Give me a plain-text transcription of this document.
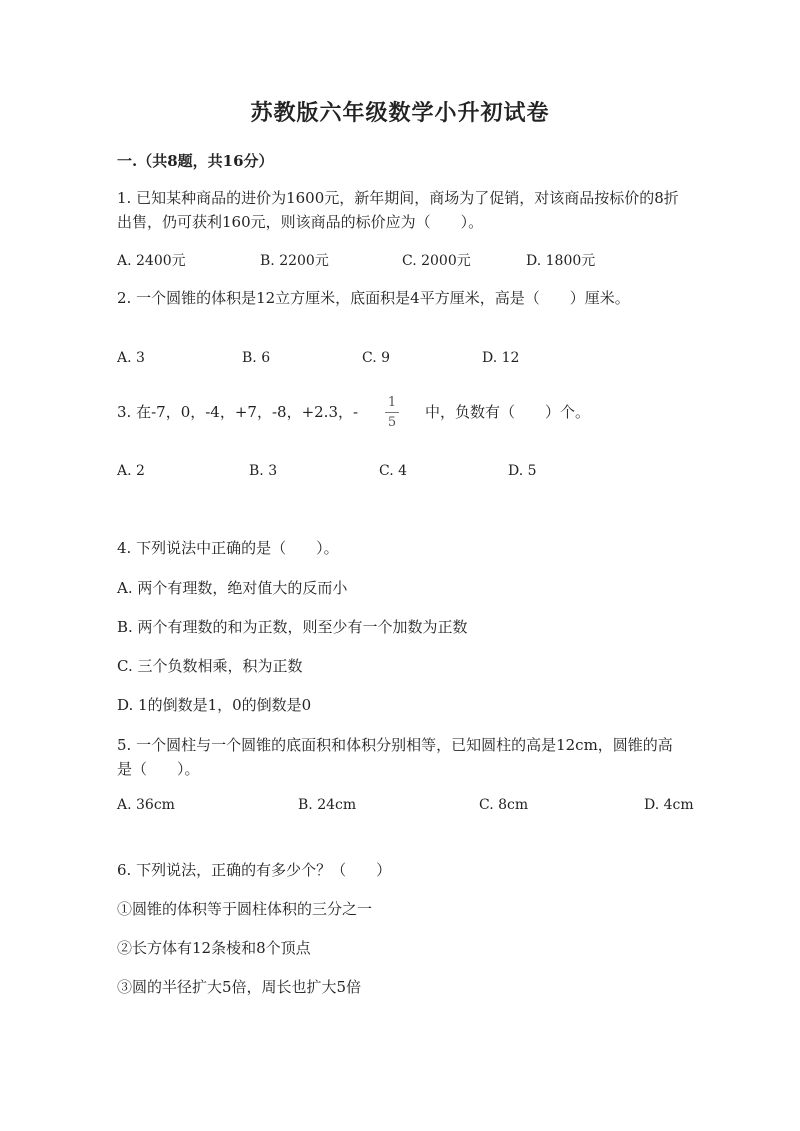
苏教版六年级数学小升初试卷
一.（共8题，共16分）
1. 已知某种商品的进价为1600元，新年期间，商场为了促销，对该商品按标价的8折出售，仍可获利160元，则该商品的标价应为（　　）。
A. 2400元	B. 2200元	C. 2000元	D. 1800元
2. 一个圆锥的体积是12立方厘米，底面积是4平方厘米，高是（　　）厘米。
A. 3	B. 6	C. 9	D. 12
3. 在-7，0，-4，+7，-8，+2.3，-
1
5
中，负数有（　　）个。
A. 2	B. 3	C. 4	D. 5
4. 下列说法中正确的是（　　）。
A. 两个有理数，绝对值大的反而小
B. 两个有理数的和为正数，则至少有一个加数为正数
C. 三个负数相乘，积为正数
D. 1的倒数是1，0的倒数是0
5. 一个圆柱与一个圆锥的底面积和体积分别相等，已知圆柱的高是12cm，圆锥的高是（　　）。
A. 36cm	B. 24cm	C. 8cm	D. 4cm
6. 下列说法，正确的有多少个？（　　）
①圆锥的体积等于圆柱体积的三分之一
②长方体有12条棱和8个顶点
③圆的半径扩大5倍，周长也扩大5倍
